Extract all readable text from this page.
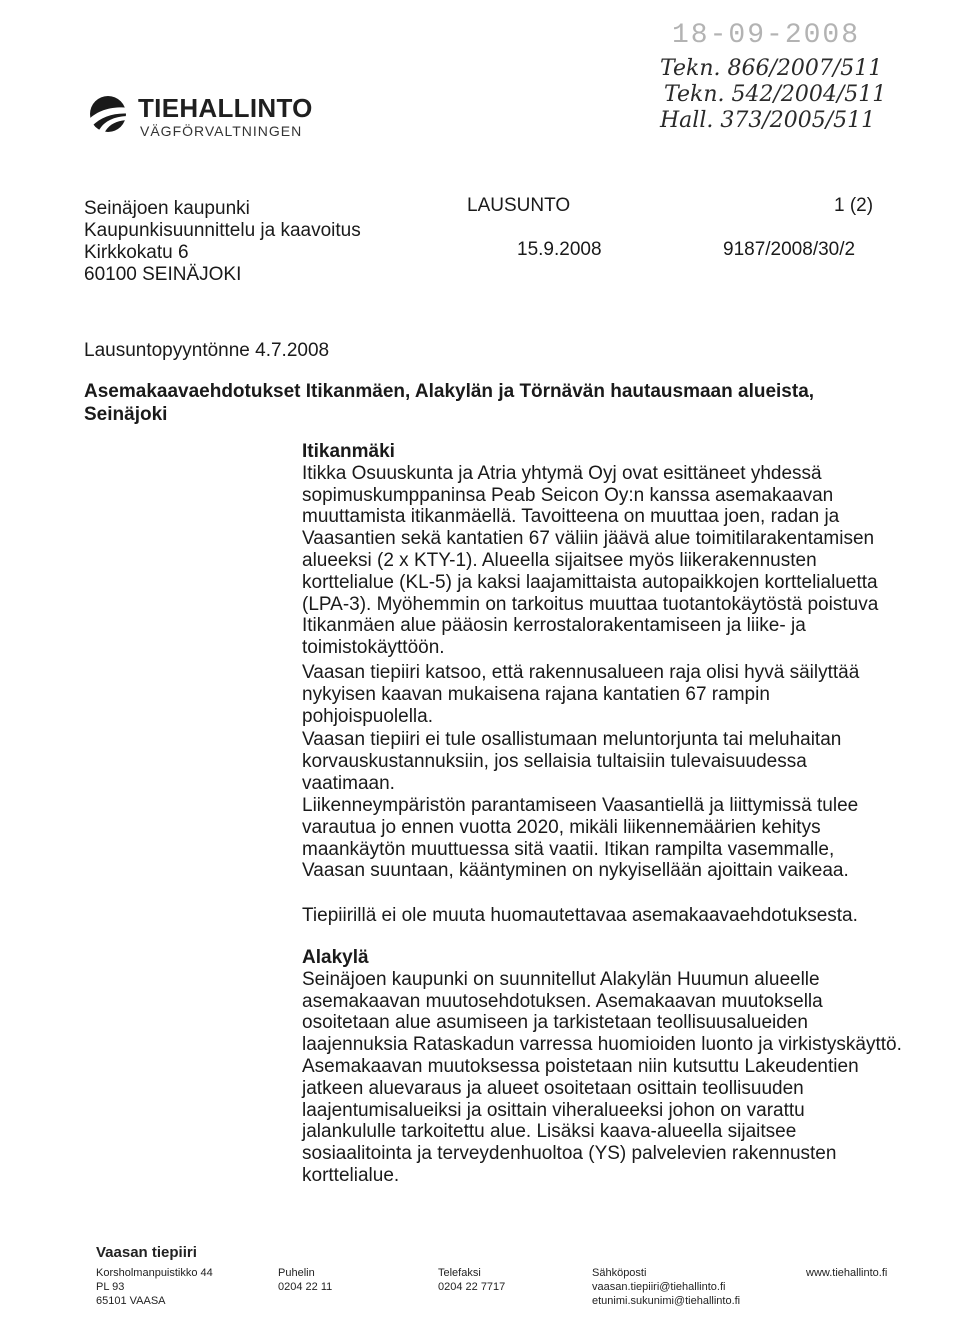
TIEHALLINTO
VÄGFÖRVALTNINGEN
18-09-2008
Tekn. 866/2007/511
Tekn. 542/2004/511
Hall. 373/2005/511
Seinäjoen kaupunki
Kaupunkisuunnittelu ja kaavoitus
Kirkkokatu 6
60100 SEINÄJOKI
LAUSUNTO	1 (2)
15.9.2008	9187/2008/30/2
Lausuntopyyntönne 4.7.2008
Asemakaavaehdotukset Itikanmäen, Alakylän ja Törnävän hautausmaan alueista, Seinäjoki

Itikanmäki

Itikka Osuuskunta ja Atria yhtymä Oyj ovat esittäneet yhdessä sopimuskumppaninsa Peab Seicon Oy:n kanssa asemakaavan muuttamista itikanmäellä. Tavoitteena on muuttaa joen, radan ja Vaasantien sekä kantatien 67 väliin jäävä alue toimitilarakentamisen alueeksi (2 x KTY-1). Alueella sijaitsee myös liikerakennusten korttelialue (KL-5) ja kaksi laajamittaista autopaikkojen korttelialuetta (LPA-3). Myöhemmin on tarkoitus muuttaa tuotantokäytöstä poistuva Itikanmäen alue pääosin kerrostalorakentamiseen ja liike- ja toimistokäyttöön.

Vaasan tiepiiri katsoo, että rakennusalueen raja olisi hyvä säilyttää nykyisen kaavan mukaisena rajana kantatien 67 rampin pohjoispuolella.
Vaasan tiepiiri ei tule osallistumaan meluntorjunta tai meluhaitan korvauskustannuksiin, jos sellaisia tultaisiin tulevaisuudessa vaatimaan.
Liikenneympäristön parantamiseen Vaasantiellä ja liittymissä tulee varautua jo ennen vuotta 2020, mikäli liikennemäärien kehitys maankäytön muuttuessa sitä vaatii. Itikan rampilta vasemmalle, Vaasan suuntaan, kääntyminen on nykyisellään ajoittain vaikeaa.
Tiepiirillä ei ole muuta huomautettavaa asemakaavaehdotuksesta.

Alakylä

Seinäjoen kaupunki on suunnitellut Alakylän Huumun alueelle asemakaavan muutosehdotuksen. Asemakaavan muutoksella osoitetaan alue asumiseen ja tarkistetaan teollisuusalueiden laajennuksia Rataskadun varressa huomioiden luonto ja virkistyskäyttö. Asemakaavan muutoksessa poistetaan niin kutsuttu Lakeudentien jatkeen aluevaraus ja alueet osoitetaan osittain teollisuuden laajentumisalueiksi ja osittain viheralueeksi johon on varattu jalankululle tarkoitettu alue. Lisäksi kaava-alueella sijaitsee sosiaalitointa ja terveydenhuoltoa (YS) palvelevien rakennusten korttelialue.

Vaasan tiepiiri
Korsholmanpuistikko 44
PL 93
65101 VAASA
Puhelin
0204 22 11
Telefaksi
0204 22 7717
Sähköposti
vaasan.tiepiiri@tiehallinto.fi
etunimi.sukunimi@tiehallinto.fi
www.tiehallinto.fi
